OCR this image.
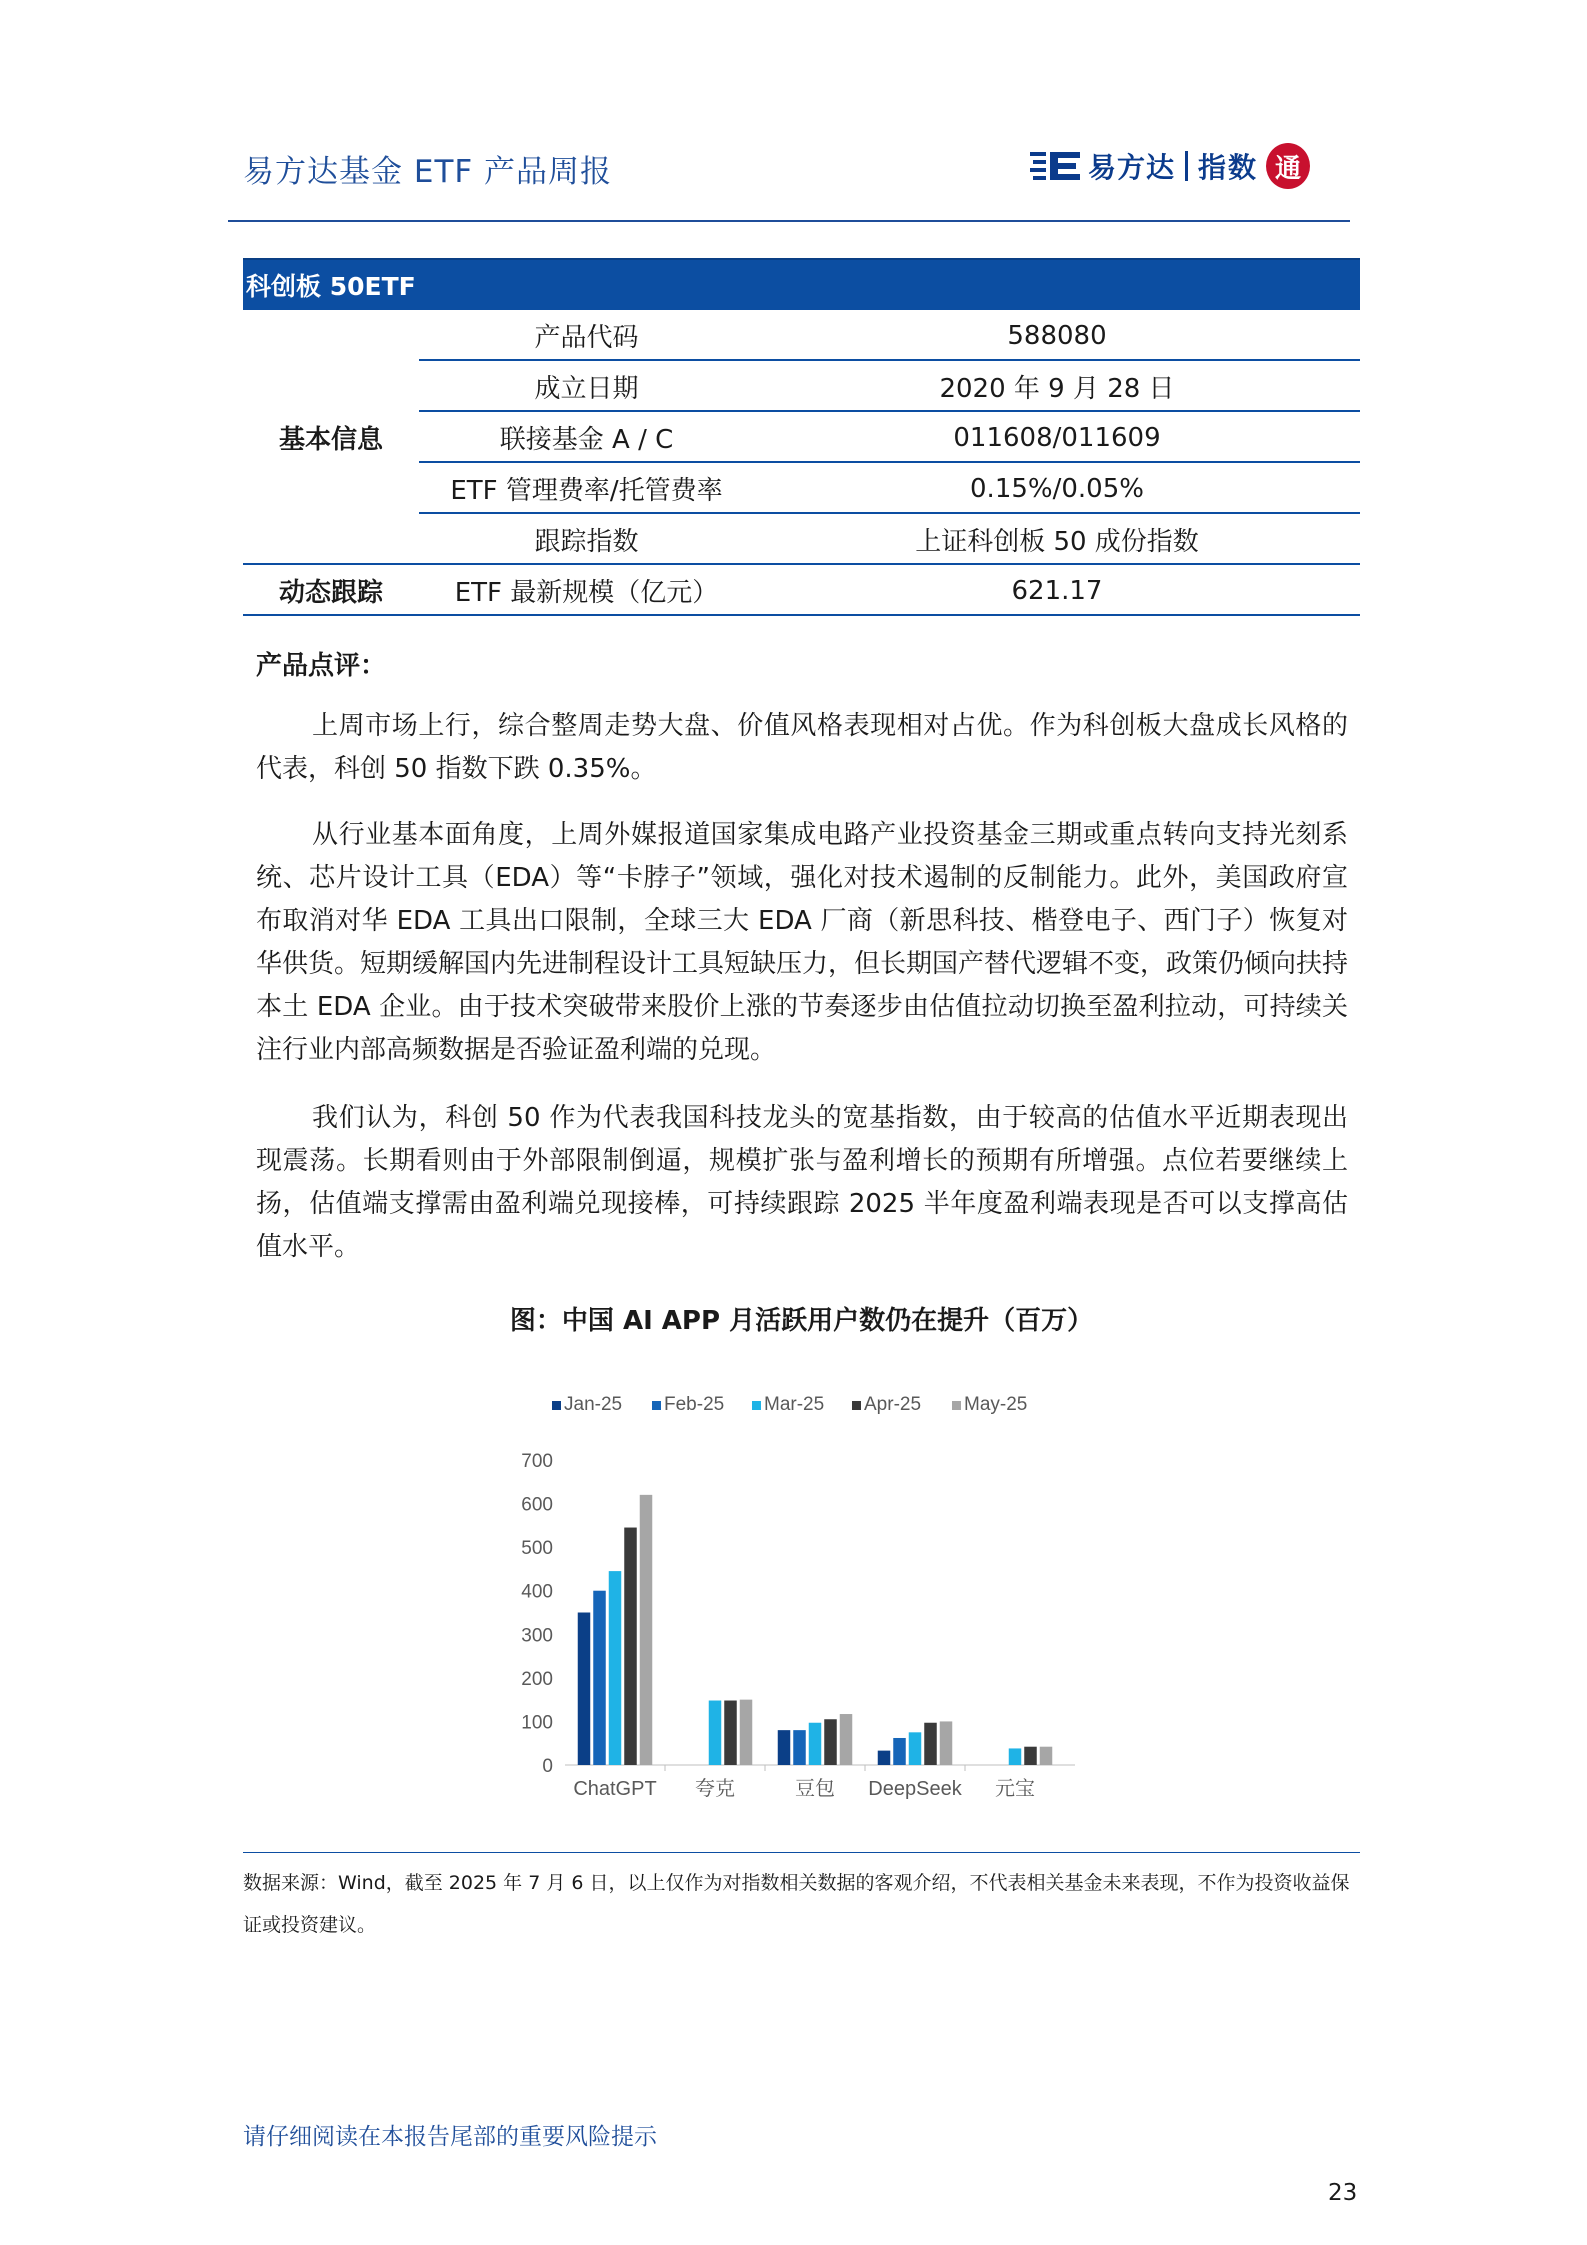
易方达基金 ETF 产品周报	易方达 指数 通
科创板 50ETF
产品代码	588080
成立日期	2020 年 9 月 28 日
基本信息	联接基金 A / C	011608/011609
ETF 管理费率/托管费率	0.15%/0.05%
跟踪指数	上证科创板 50 成份指数
动态跟踪	ETF 最新规模（亿元）	621.17
产品点评：
上周市场上行，综合整周走势大盘、价值风格表现相对占优。作为科创板大盘成长风格的代表，科创 50 指数下跌 0.35%。
从行业基本面角度，上周外媒报道国家集成电路产业投资基金三期或重点转向支持光刻系统、芯片设计工具（EDA）等“卡脖子”领域，强化对技术遏制的反制能力。此外，美国政府宣布取消对华 EDA 工具出口限制，全球三大 EDA 厂商（新思科技、楷登电子、西门子）恢复对华供货。短期缓解国内先进制程设计工具短缺压力，但长期国产替代逻辑不变，政策仍倾向扶持本土 EDA 企业。由于技术突破带来股价上涨的节奏逐步由估值拉动切换至盈利拉动，可持续关注行业内部高频数据是否验证盈利端的兑现。
我们认为，科创 50 作为代表我国科技龙头的宽基指数，由于较高的估值水平近期表现出现震荡。长期看则由于外部限制倒逼，规模扩张与盈利增长的预期有所增强。点位若要继续上扬，估值端支撑需由盈利端兑现接棒，可持续跟踪 2025 半年度盈利端表现是否可以支撑高估值水平。
图：中国 AI APP 月活跃用户数仍在提升（百万）
Jan-25 Feb-25 Mar-25 Apr-25 May-25
0
100
200
300
400
500
600
700
ChatGPT 夸克	豆包 DeepSeek 元宝
数据来源：Wind，截至 2025 年 7 月 6 日，以上仅作为对指数相关数据的客观介绍，不代表相关基金未来表现，不作为投资收益保证或投资建议。
请仔细阅读在本报告尾部的重要风险提示
23
